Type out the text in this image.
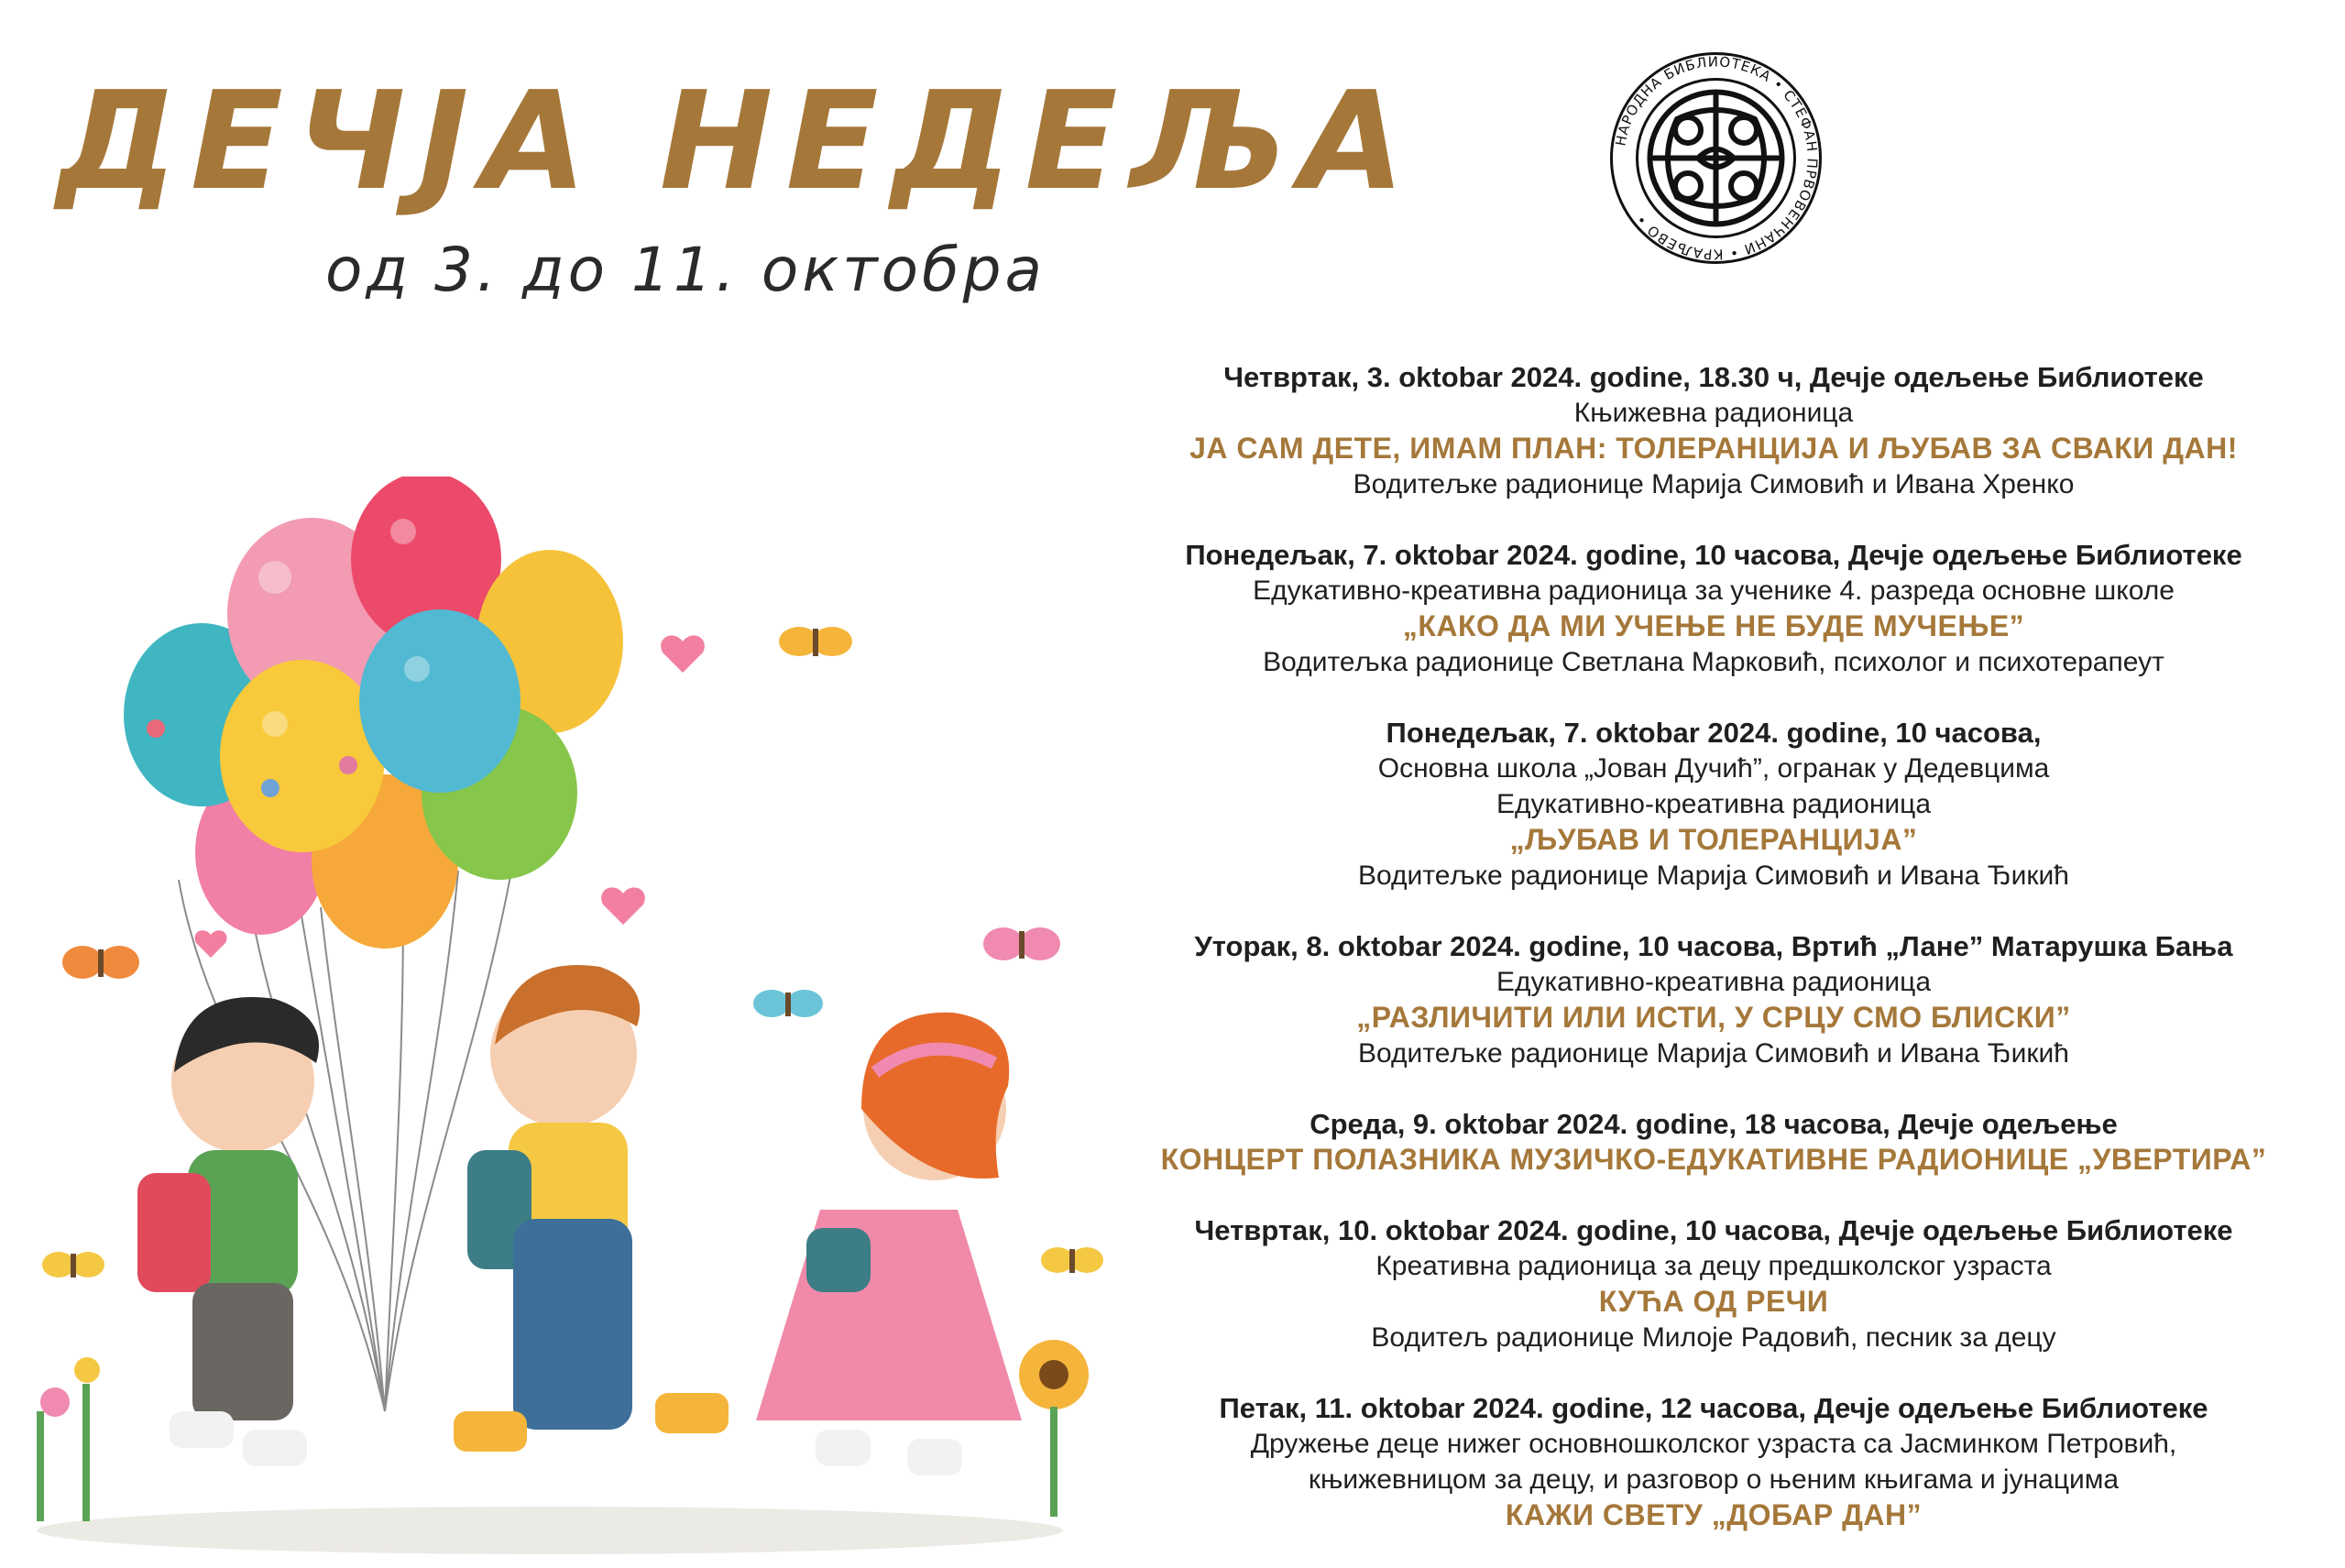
ДЕЧЈА НЕДЕЉА
од 3. до 11. октобра
НАРОДНА БИБЛИОТЕКА • СТЕФАН ПРВОВЕНЧАНИ • КРАЉЕВО •
Четвртак, 3. oktobar 2024. godine, 18.30 ч, Дечје одељење Библиотеке
Књижевна радионица
ЈА САМ ДЕТЕ, ИМАМ ПЛАН: ТОЛЕРАНЦИЈА И ЉУБАВ ЗА СВАКИ ДАН!
Водитељке радионице Марија Симовић и Ивана Хренко
Понедељак, 7. oktobar 2024. godine, 10 часова, Дечје одељење Библиотеке
Едукативно-креативна радионица за ученике 4. разреда основне школе
„КАКО ДА МИ УЧЕЊЕ НЕ БУДЕ МУЧЕЊЕ”
Водитељка радионице Светлана Марковић, психолог и психотерапеут
Понедељак, 7. oktobar 2024. godine, 10 часова,
Основна школа „Јован Дучић”, огранак у Дедевцима
Едукативно-креативна радионица
„ЉУБАВ И ТОЛЕРАНЦИЈА”
Водитељке радионице Марија Симовић и Ивана Ђикић
Уторак, 8. oktobar 2024. godine, 10 часова, Вртић „Лане” Матарушка Бања
Едукативно-креативна радионица
„РАЗЛИЧИТИ ИЛИ ИСТИ, У СРЦУ СМО БЛИСКИ”
Водитељке радионице Марија Симовић и Ивана Ђикић
Среда, 9. oktobar 2024. godine, 18 часова, Дечје одељење
КОНЦЕРТ ПОЛАЗНИКА МУЗИЧКО-ЕДУКАТИВНЕ РАДИОНИЦЕ „УВЕРТИРА”
Четвртак, 10. oktobar 2024. godine, 10 часова, Дечје одељење Библиотеке
Креативна радионица за децу предшколског узраста
КУЋА ОД РЕЧИ
Водитељ радионице Милоје Радовић, песник за децу
Петак, 11. oktobar 2024. godine, 12 часова, Дечје одељење Библиотеке
Дружење деце нижег основношколског узраста са Јасминком Петровић,
књижевницом за децу, и разговор о њеним књигама и јунацима
КАЖИ СВЕТУ „ДОБАР ДАН”
